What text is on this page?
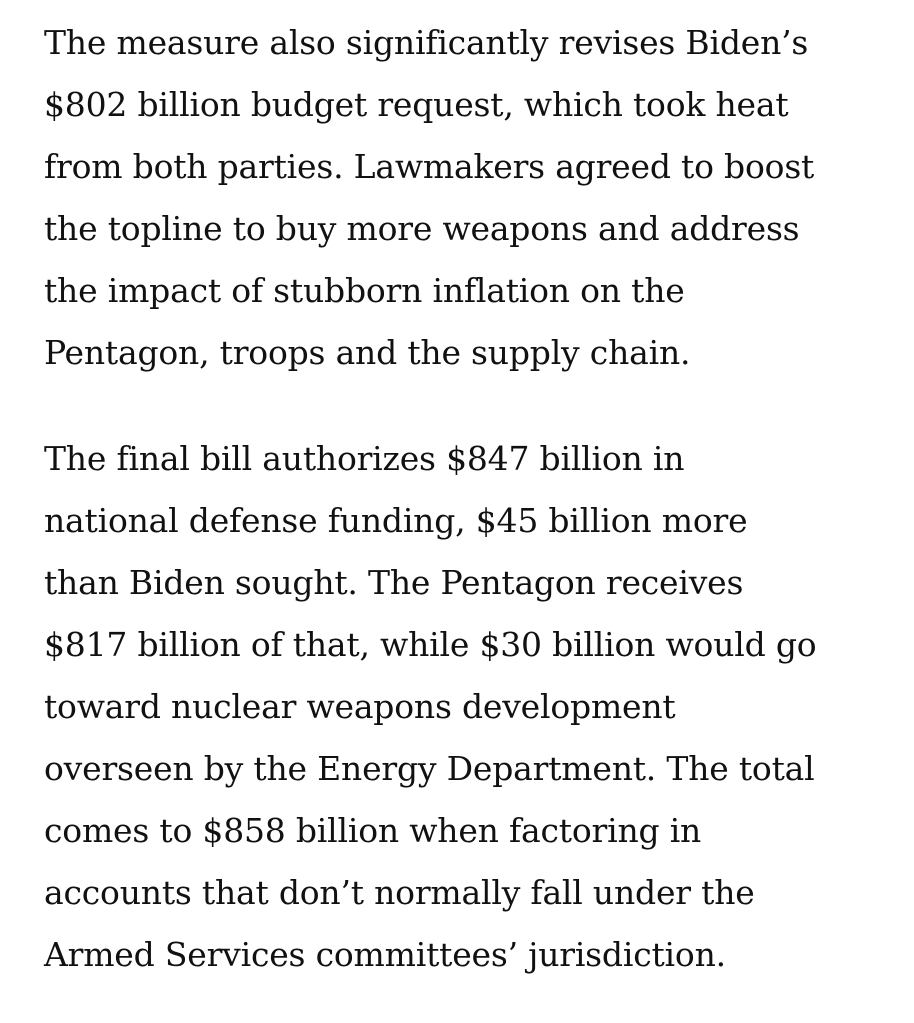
The measure also significantly revises Biden’s
$802 billion budget request, which took heat
from both parties. Lawmakers agreed to boost
the topline to buy more weapons and address
the impact of stubborn inflation on the
Pentagon, troops and the supply chain.

The final bill authorizes $847 billion in
national defense funding, $45 billion more
than Biden sought. The Pentagon receives
$817 billion of that, while $30 billion would go
toward nuclear weapons development
overseen by the Energy Department. The total
comes to $858 billion when factoring in
accounts that don’t normally fall under the
Armed Services committees’ jurisdiction.
